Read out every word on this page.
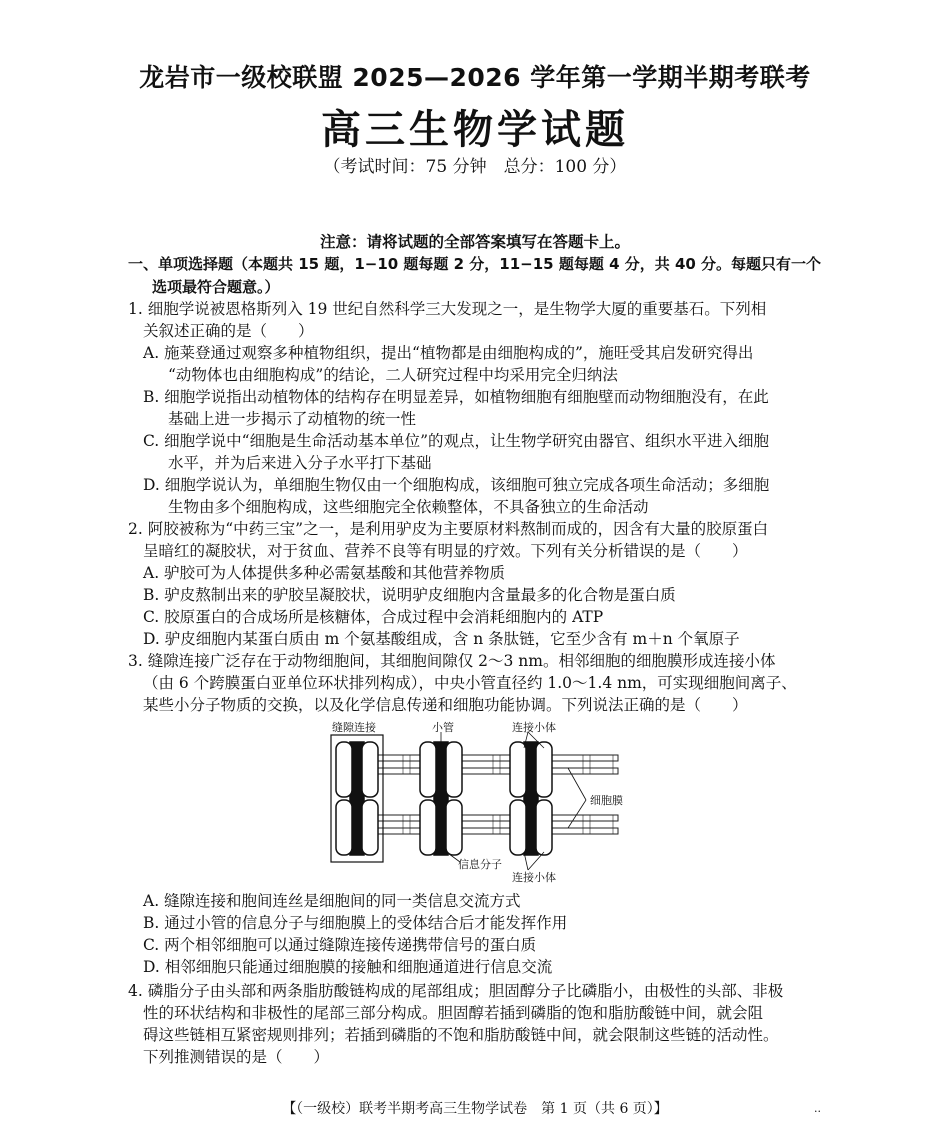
龙岩市一级校联盟 2025—2026 学年第一学期半期考联考
高三生物学试题
（考试时间：75 分钟　总分：100 分）
注意：请将试题的全部答案填写在答题卡上。
一、单项选择题（本题共 15 题，1−10 题每题 2 分，11−15 题每题 4 分，共 40 分。每题只有一个
选项最符合题意。）
1. 细胞学说被恩格斯列入 19 世纪自然科学三大发现之一，是生物学大厦的重要基石。下列相
关叙述正确的是（　　）
A. 施莱登通过观察多种植物组织，提出“植物都是由细胞构成的”，施旺受其启发研究得出
“动物体也由细胞构成”的结论，二人研究过程中均采用完全归纳法
B. 细胞学说指出动植物体的结构存在明显差异，如植物细胞有细胞壁而动物细胞没有，在此
基础上进一步揭示了动植物的统一性
C. 细胞学说中“细胞是生命活动基本单位”的观点，让生物学研究由器官、组织水平进入细胞
水平，并为后来进入分子水平打下基础
D. 细胞学说认为，单细胞生物仅由一个细胞构成，该细胞可独立完成各项生命活动；多细胞
生物由多个细胞构成，这些细胞完全依赖整体，不具备独立的生命活动
2. 阿胶被称为“中药三宝”之一，是利用驴皮为主要原材料熬制而成的，因含有大量的胶原蛋白
呈暗红的凝胶状，对于贫血、营养不良等有明显的疗效。下列有关分析错误的是（　　）
A. 驴胶可为人体提供多种必需氨基酸和其他营养物质
B. 驴皮熬制出来的驴胶呈凝胶状，说明驴皮细胞内含量最多的化合物是蛋白质
C. 胶原蛋白的合成场所是核糖体，合成过程中会消耗细胞内的 ATP
D. 驴皮细胞内某蛋白质由 m 个氨基酸组成，含 n 条肽链，它至少含有 m＋n 个氧原子
3. 缝隙连接广泛存在于动物细胞间，其细胞间隙仅 2～3 nm。相邻细胞的细胞膜形成连接小体
（由 6 个跨膜蛋白亚单位环状排列构成），中央小管直径约 1.0～1.4 nm，可实现细胞间离子、
某些小分子物质的交换，以及化学信息传递和细胞功能协调。下列说法正确的是（　　）
缝隙连接	小管	连接小体
细胞膜
信息分子
连接小体
A. 缝隙连接和胞间连丝是细胞间的同一类信息交流方式
B. 通过小管的信息分子与细胞膜上的受体结合后才能发挥作用
C. 两个相邻细胞可以通过缝隙连接传递携带信号的蛋白质
D. 相邻细胞只能通过细胞膜的接触和细胞通道进行信息交流
4. 磷脂分子由头部和两条脂肪酸链构成的尾部组成；胆固醇分子比磷脂小，由极性的头部、非极
性的环状结构和非极性的尾部三部分构成。胆固醇若插到磷脂的饱和脂肪酸链中间，就会阻
碍这些链相互紧密规则排列；若插到磷脂的不饱和脂肪酸链中间，就会限制这些链的活动性。
下列推测错误的是（　　）
【（一级校）联考半期考高三生物学试卷　第 1 页（共 6 页）】	..
